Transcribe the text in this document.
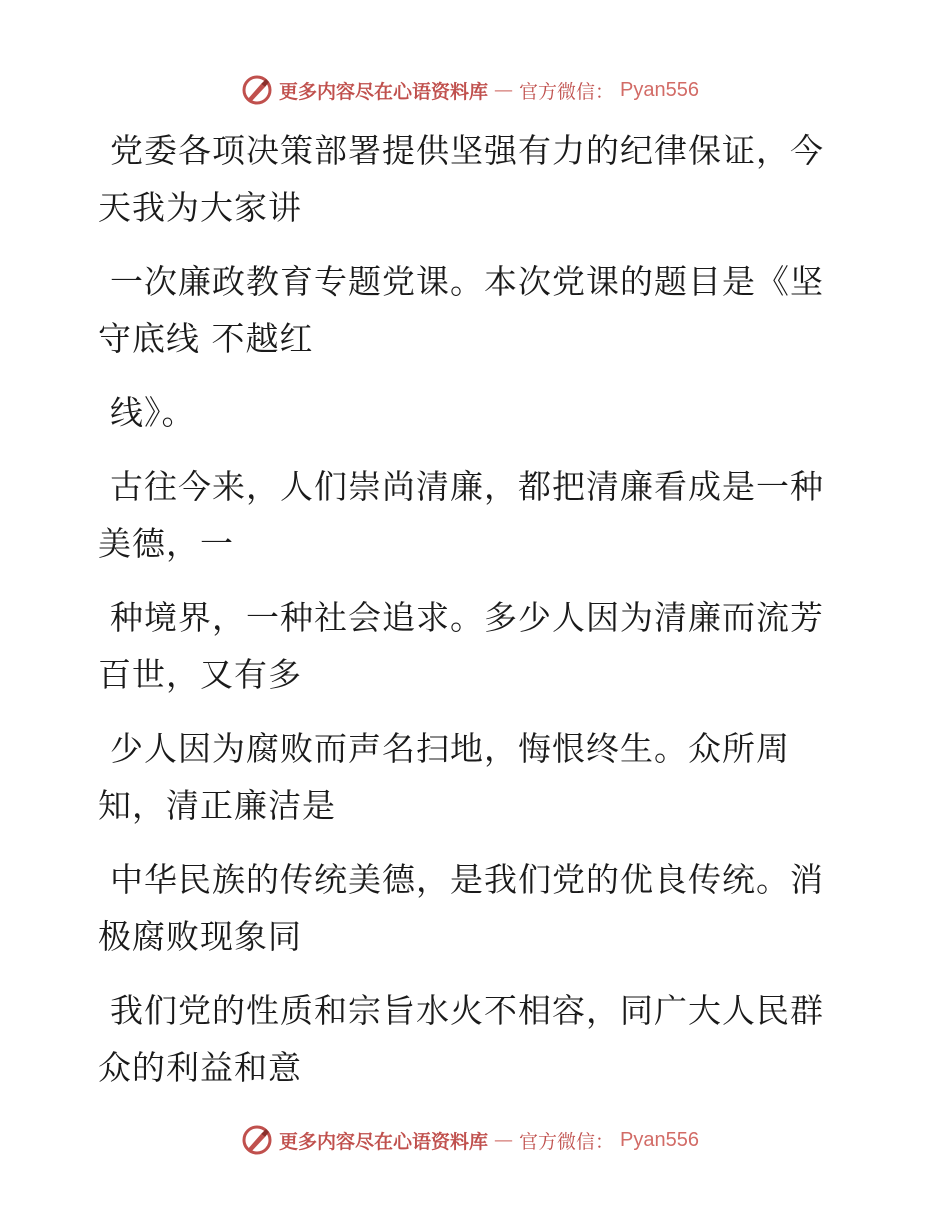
更多内容尽在心语资料库 — 官方微信： Pyan556

党委各项决策部署提供坚强有力的纪律保证，今
天我为大家讲

一次廉政教育专题党课。本次党课的题目是《坚
守底线 不越红

线》。

古往今来，人们崇尚清廉，都把清廉看成是一种
美德，一

种境界，一种社会追求。多少人因为清廉而流芳
百世，又有多

少人因为腐败而声名扫地，悔恨终生。众所周
知，清正廉洁是

中华民族的传统美德，是我们党的优良传统。消
极腐败现象同

我们党的性质和宗旨水火不相容，同广大人民群
众的利益和意

更多内容尽在心语资料库 — 官方微信： Pyan556
